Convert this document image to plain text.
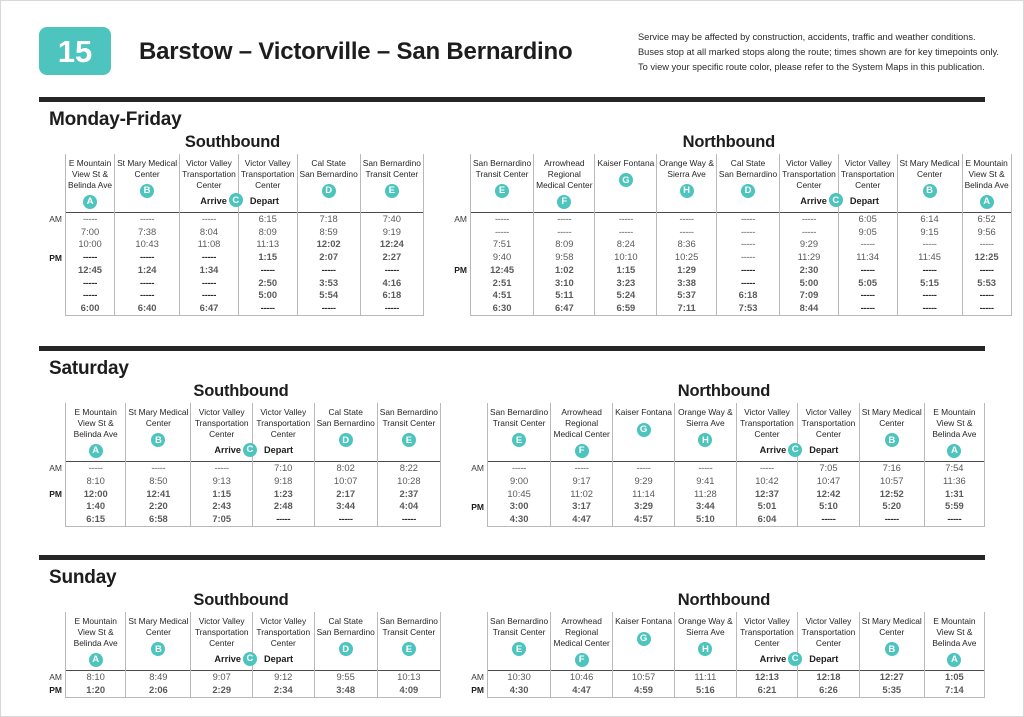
15 Barstow – Victorville – San Bernardino
Service may be affected by construction, accidents, traffic and weather conditions.
Buses stop at all marked stops along the route; times shown are for key timepoints only.
To view your specific route color, please refer to the System Maps in this publication.
Monday-Friday
Southbound
AM
PM
E Mountain
View St &
Belinda Ave
A	St Mary Medical
Center
B	Victor Valley
Transportation
Center
Arrive C	Victor Valley
Transportation
Center
Depart	Cal State
San Bernardino
D	San Bernardino
Transit Center
E

-----	-----	-----	6:15	7:18	7:40
7:00	7:38	8:04	8:09	8:59	9:19
10:00	10:43	11:08	11:13	12:02	12:24
-----	-----	-----	1:15	2:07	2:27
12:45	1:24	1:34	-----	-----	-----
-----	-----	-----	2:50	3:53	4:16
-----	-----	-----	5:00	5:54	6:18
6:00	6:40	6:47	-----	-----	-----
Northbound
AM
PM
San Bernardino
Transit Center
E	Arrowhead
Regional
Medical Center
F	Kaiser Fontana
G	Orange Way &
Sierra Ave
H	Cal State
San Bernardino
D	Victor Valley
Transportation
Center
Arrive C	Victor Valley
Transportation
Center
Depart	St Mary Medical
Center
B	E Mountain
View St &
Belinda Ave
A

-----	-----	-----	-----	-----	-----	6:05	6:14	6:52
-----	-----	-----	-----	-----	-----	9:05	9:15	9:56
7:51	8:09	8:24	8:36	-----	9:29	-----	-----	-----
9:40	9:58	10:10	10:25	-----	11:29	11:34	11:45	12:25
12:45	1:02	1:15	1:29	-----	2:30	-----	-----	-----
2:51	3:10	3:23	3:38	-----	5:00	5:05	5:15	5:53
4:51	5:11	5:24	5:37	6:18	7:09	-----	-----	-----
6:30	6:47	6:59	7:11	7:53	8:44	-----	-----	-----
Saturday
Southbound
AM
PM
E Mountain
View St &
Belinda Ave
A	St Mary Medical
Center
B	Victor Valley
Transportation
Center
Arrive C	Victor Valley
Transportation
Center
Depart	Cal State
San Bernardino
D	San Bernardino
Transit Center
E

-----	-----	-----	7:10	8:02	8:22
8:10	8:50	9:13	9:18	10:07	10:28
12:00	12:41	1:15	1:23	2:17	2:37
1:40	2:20	2:43	2:48	3:44	4:04
6:15	6:58	7:05	-----	-----	-----
Northbound
AM
PM
San Bernardino
Transit Center
E	Arrowhead
Regional
Medical Center
F	Kaiser Fontana
G	Orange Way &
Sierra Ave
H	Victor Valley
Transportation
Center
Arrive C	Victor Valley
Transportation
Center
Depart	St Mary Medical
Center
B	E Mountain
View St &
Belinda Ave
A

-----	-----	-----	-----	-----	7:05	7:16	7:54
9:00	9:17	9:29	9:41	10:42	10:47	10:57	11:36
10:45	11:02	11:14	11:28	12:37	12:42	12:52	1:31
3:00	3:17	3:29	3:44	5:01	5:10	5:20	5:59
4:30	4:47	4:57	5:10	6:04	-----	-----	-----
Sunday
Southbound
AM
PM
E Mountain
View St &
Belinda Ave
A	St Mary Medical
Center
B	Victor Valley
Transportation
Center
Arrive C	Victor Valley
Transportation
Center
Depart	Cal State
San Bernardino
D	San Bernardino
Transit Center
E

8:10	8:49	9:07	9:12	9:55	10:13
1:20	2:06	2:29	2:34	3:48	4:09
Northbound
AM
PM
San Bernardino
Transit Center
E	Arrowhead
Regional
Medical Center
F	Kaiser Fontana
G	Orange Way &
Sierra Ave
H	Victor Valley
Transportation
Center
Arrive C	Victor Valley
Transportation
Center
Depart	St Mary Medical
Center
B	E Mountain
View St &
Belinda Ave
A

10:30	10:46	10:57	11:11	12:13	12:18	12:27	1:05
4:30	4:47	4:59	5:16	6:21	6:26	5:35	7:14
